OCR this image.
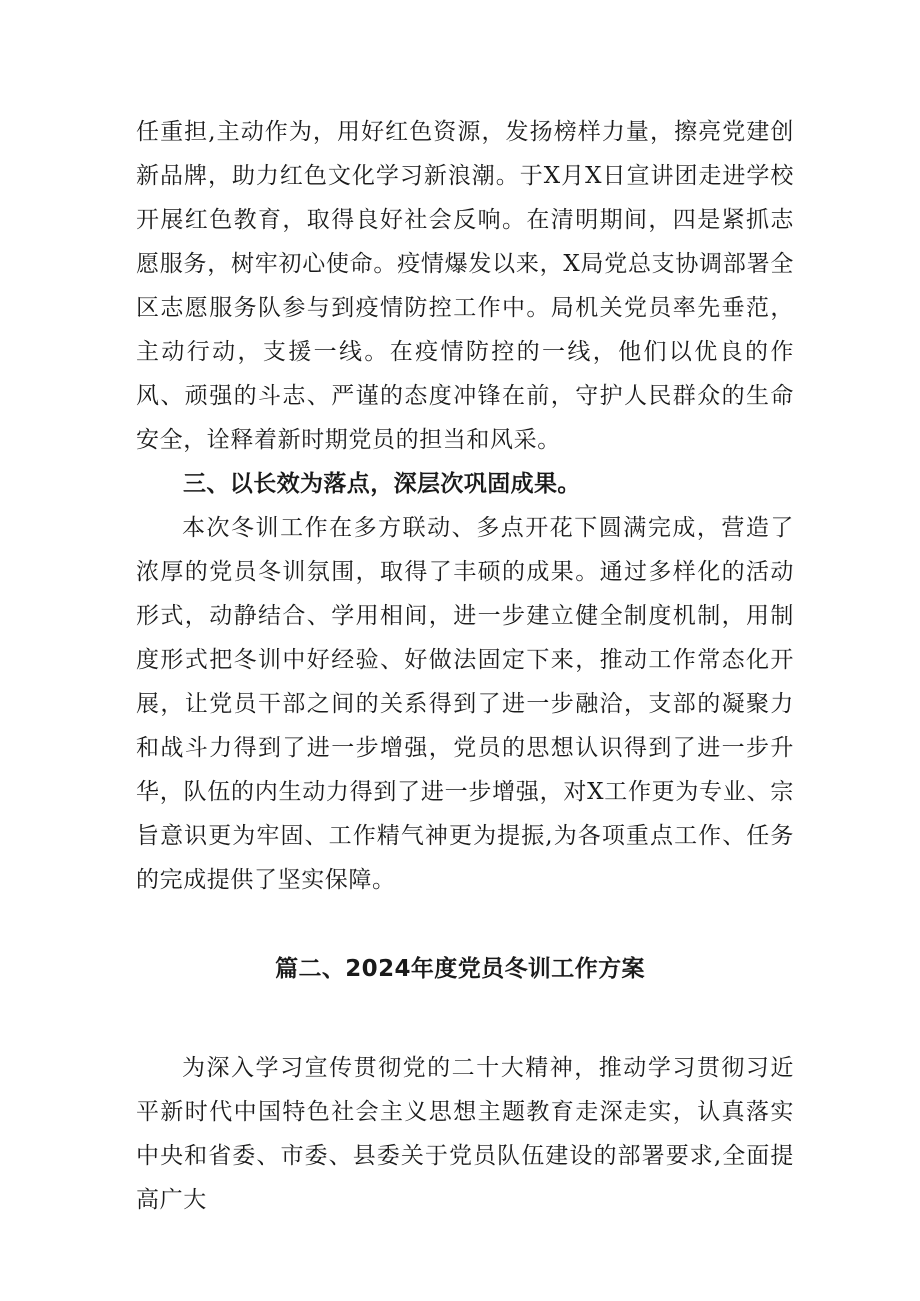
任重担,主动作为，用好红色资源，发扬榜样力量，擦亮党建创新品牌，助力红色文化学习新浪潮。于X月X日宣讲团走进学校开展红色教育，取得良好社会反响。在清明期间，四是紧抓志愿服务，树牢初心使命。疫情爆发以来，X局党总支协调部署全区志愿服务队参与到疫情防控工作中。局机关党员率先垂范，主动行动，支援一线。在疫情防控的一线，他们以优良的作风、顽强的斗志、严谨的态度冲锋在前，守护人民群众的生命安全，诠释着新时期党员的担当和风采。

三、以长效为落点，深层次巩固成果。

本次冬训工作在多方联动、多点开花下圆满完成，营造了浓厚的党员冬训氛围，取得了丰硕的成果。通过多样化的活动形式，动静结合、学用相间，进一步建立健全制度机制，用制度形式把冬训中好经验、好做法固定下来，推动工作常态化开展，让党员干部之间的关系得到了进一步融洽，支部的凝聚力和战斗力得到了进一步增强，党员的思想认识得到了进一步升华，队伍的内生动力得到了进一步增强，对X工作更为专业、宗旨意识更为牢固、工作精气神更为提振,为各项重点工作、任务的完成提供了坚实保障。

篇二、2024年度党员冬训工作方案

为深入学习宣传贯彻党的二十大精神，推动学习贯彻习近平新时代中国特色社会主义思想主题教育走深走实，认真落实中央和省委、市委、县委关于党员队伍建设的部署要求,全面提高广大
